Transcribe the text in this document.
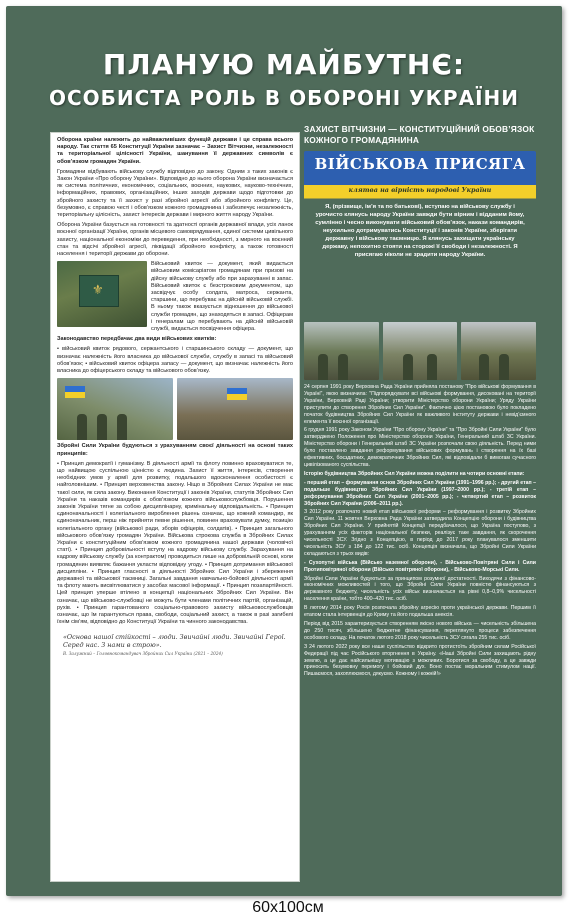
ПЛАНУЮ МАЙБУТНЄ:
ОСОБИСТА РОЛЬ В ОБОРОНІ УКРАЇНИ

Оборона країни належить до найважливіших функцій держави і це справа всього народу. Так стаття 65 Конституції України зазначає – Захист Вітчизни, незалежності та територіальної цілісності України, шанування її державних символів є обов’язком громадян України.

Громадяни відбувають військову службу відповідно до закону. Одним з таких законів є Закон України «Про оборону України». Відповідно до нього оборона України визначається як система політичних, економічних, соціальних, воєнних, наукових, науково-технічних, інформаційних, правових, організаційних, інших заходів держави щодо підготовки до збройного захисту та її захист у разі збройної агресії або збройного конфлікту. Це, безумовно, є справою честі і обов’язком кожного громадянина і забезпечує незалежність, територіальну цілісність, захист інтересів держави і мирного життя народу України.

Оборона України базується на готовності та здатності органів державної влади, усіх ланок воєнної організації України, органів місцевого самоврядування, єдиної системи цивільного захисту, національної економіки до переведення, при необхідності, з мирного на воєнний стан та відсічі збройної агресії, ліквідації збройного конфлікту, а також готовності населення і території держави до оборони.

⚜

Військовий квиток — документ, який видається військовим комісаріатом громадянам при призові на дійсну військову службу або при зарахуванні в запас. Військовий квиток є безстроковим документом, що засвідчує особу солдата, матроса, сержанта, старшини, що перебуває на дійсній військовій службі. В ньому також вказується відношення до військової служби громадян, що знаходяться в запасі. Офіцерам і генералам що перебувають на дійсній військовій службі, видається посвідчення офіцера.

Законодавство передбачає два види військових квитків:

• військовий квиток рядового, сержантського і старшинського складу — документ, що визначає належність його власника до військової служби, службу в запасі та військовий обов’язок; • військовий квиток офіцера запасу — документ, що визначає належність його власника до офіцерського складу та військового обов’язку.

Збройні Сили України будуються з урахуванням своєї діяльності на основі таких принципів:

• Принцип демократії і гуманізму. В діяльності армії та флоту повинно враховуватися те, що найвищою суспільною цінністю є людина. Захист її життя, інтересів, створення необхідних умов у армії для розвитку, подальшого вдосконалення особистості є найголовнішим. • Принцип верховенства закону. Ніщо в Збройних Силах України не має такої сили, як сила закону. Виконання Конституції і законів України, статутів Збройних Сил України та наказів командирів є обов’язком кожного військовослужбовця. Порушення законів України тягне за собою дисциплінарну, кримінальну відповідальність. • Принцип єдиноначальності і колегіального вироблення рішень означає, що кожний командир, як єдиноначальник, перш ніж прийняти певне рішення, повинен враховувати думку, позицію колегіального органу (військової ради, зборів офіцерів, солдатів). • Принцип загального військового обов’язку громадян України. Військова строкова служба в Збройних Силах України є конституційним обов’язком кожного громадянина нашої держави (чоловічої статі). • Принцип добровільності вступу на кадрову військову службу. Зарахування на кадрову військову службу (за контрактом) проводиться лише на добровільній основі, коли громадянин виявляє бажання укласти відповідну угоду. • Принцип дотримання військової дисципліни. • Принцип гласності в діяльності Збройних Сил України і збереження державної та військової таємниці. Загальні завдання навчально-бойової діяльності армії та флоту мають висвітлюватися у засобах масової інформації. • Принцип позапартійності. Цей принцип уперше втілено в концепції національних Збройних Сил України. Він означає, що військово-службовці не можуть бути членами політичних партій, організацій, рухів. • Принцип гарантованого соціально-правового захисту військовослужбовців означає, що їм гарантуються права, свободи, соціальний захист, а також в разі загибелі їхнім сім’ям, відповідно до Конституції України та чинного законодавства.

«Основа нашої стійкості – люди. Звичайні люди. Звичайні Герої. Серед нас. З нами в строю».
В. Залужний – Головнокомандувач Збройних Сил України (2021 – 2024)
ЗАХИСТ ВІТЧИЗНИ — КОНСТИТУЦІЙНИЙ ОБОВ’ЯЗОК КОЖНОГО ГРОМАДЯНИНА
ВІЙСЬКОВА ПРИСЯГА
клятва на вірність народові України
Я, (прізвище, ім’я та по батькові), вступаю на військову службу і урочисто клянусь народу України завжди бути вірним і відданим йому, сумлінно і чесно виконувати військовий обов’язок, накази командирів, неухильно дотримуватись Конституції і законів України, зберігати державну і військову таємницю. Я клянусь захищати українську державу, непохитно стояти на сторожі її свободи і незалежності. Я присягаю ніколи не зрадити народу України.

24 серпня 1991 року Верховна Рада України прийняла постанову "Про військові формування в Україні", якою визначила: "Підпорядкувати всі військові формування, дисоковані на території України, Верховній Раді України; утворити Міністерство оборони України; Уряду України приступити до створення Збройних Сил України". Фактично цією постановою було покладено початок будівництва Збройних Сил України як важливого інституту держави і невід’ємного елемента її воєнної організації.

6 грудня 1991 року Законом України "Про оборону України" та "Про Збройні Сили України" було затверджено Положення про Міністерство оборони України, Генеральний штаб ЗС України. Міністерство оборони і Генеральний штаб ЗС України розпочали свою діяльність. Перед ними було поставлено завдання реформування військових формувань і створення на їх базі ефективних, боєздатних, демократичних Збройних Сил, які відповідали б вимогам сучасного цивілізованого суспільства.

Історію будівництва Збройних Сил України можна поділити на чотири основні етапи:

- перший етап – формування основ Збройних Сил України (1991–1996 рр.); - другий етап – подальше будівництво Збройних Сил України (1997–2000 рр.); - третій етап – реформування Збройних Сил України (2001–2005 рр.); - четвертий етап – розвиток Збройних Сил України (2006–2011 рр.).

З 2012 року розпочато новий етап військової реформи – реформування і розвитку Збройних Сил України. 11 жовтня Верховна Рада України затвердила Концепцію оборони і будівництва Збройних Сил України. У прийнятій Концепції передбачалося, що Україна поступово, з урахуванням усіх факторів національної безпеки, реалізує таке завдання, як скорочення чисельності ЗСУ. Згідно з Концепцією, в період до 2017 року планувалося зменшити чисельність ЗСУ з 184 до 122 тис. осіб. Концепція визначала, що Збройні Сили України складаються з трьох видів:

- Сухопутні війська (Військо наземної оборони), - Військово-Повітряні Сили і Сили Протиповітряної оборони (Військо повітряної оборони), - Військово-Морські Сили.

Збройні Сили України будуються за принципом розумної достатності. Виходячи з фінансово-економічних можливостей і того, що Збройні Сили України повністю фінансуються з державного бюджету, чисельність усіх військ визначається на рівні 0,8–0,9% чисельності населення країни, тобто 400–420 тис. осіб.

В лютому 2014 року Росія розпочала збройну агресію проти української держави. Першим її етапом стала інтервенція до Криму та його подальша анексія.

Період від 2015 характеризується створенням якісно нового війська — чисельність збільшена до 250 тисяч, збільшено бюджетне фінансування, переглянуто процеси забезпечення особового складу. На початок лютого 2018 року чисельність ЗСУ сягала 255 тис. осіб.

З 24 лютого 2022 року все наше суспільство відкрито протистоїть збройним силам Російської Федерації під час Російського вторгнення в Україну. «Наші Збройні Сили захищають рідну землю, а це дає найсильнішу мотивацію з можливих. Боротися за свободу, а це завжди приносить безумовну перемогу і бойовий дух. Воно постає моральним стимулом нації. Пишаємося, захоплюємося, дякуємо. Кожному і кожній!»

60x100см
